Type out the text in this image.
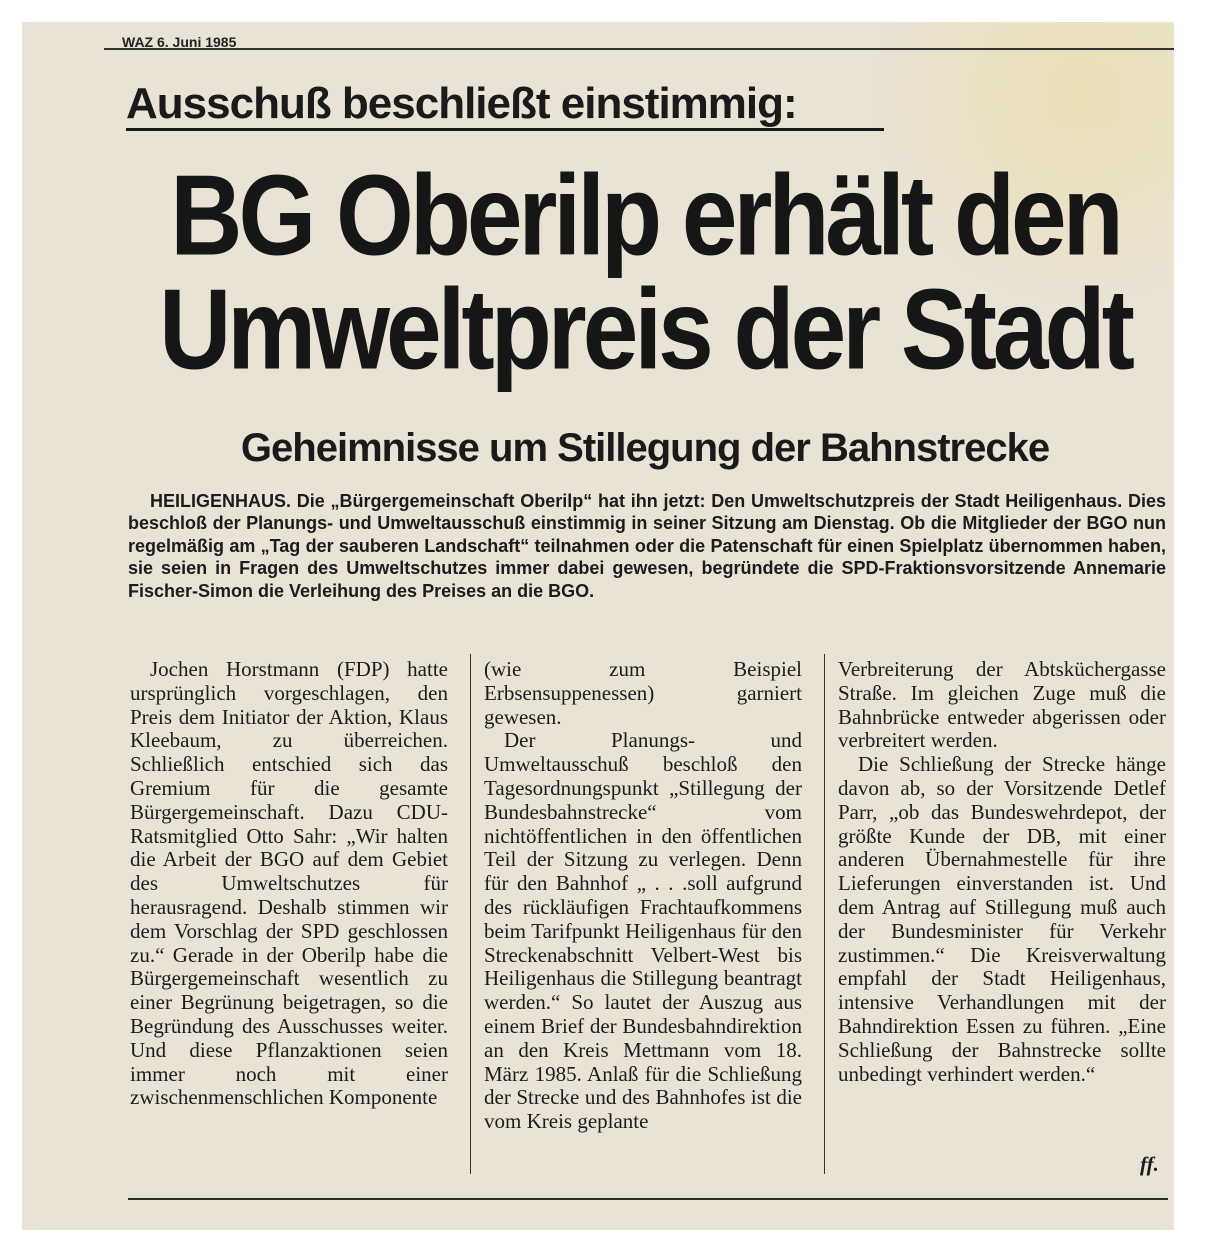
WAZ 6. Juni 1985
Ausschuß beschließt einstimmig:
BG Oberilp erhält den
Umweltpreis der Stadt
Geheimnisse um Stillegung der Bahnstrecke
HEILIGENHAUS. Die „Bürgergemeinschaft Oberilp“ hat ihn jetzt: Den Umweltschutzpreis der Stadt Heiligenhaus. Dies beschloß der Planungs- und Umweltausschuß einstimmig in seiner Sitzung am Dienstag. Ob die Mitglieder der BGO nun regelmäßig am „Tag der sauberen Landschaft“ teilnahmen oder die Patenschaft für einen Spielplatz übernommen haben, sie seien in Fragen des Umweltschutzes immer dabei gewesen, begründete die SPD-Fraktionsvorsitzende Annemarie Fischer-Simon die Verleihung des Preises an die BGO.

Jochen Horstmann (FDP) hatte ursprünglich vorgeschlagen, den Preis dem Initiator der Aktion, Klaus Kleebaum, zu überreichen. Schließlich entschied sich das Gremium für die gesamte Bürgergemeinschaft. Dazu CDU-Ratsmitglied Otto Sahr: „Wir halten die Arbeit der BGO auf dem Gebiet des Umweltschutzes für herausragend. Deshalb stimmen wir dem Vorschlag der SPD geschlossen zu.“ Gerade in der Oberilp habe die Bürgergemeinschaft wesentlich zu einer Begrünung beigetragen, so die Begründung des Ausschusses weiter. Und diese Pflanzaktionen seien immer noch mit einer zwischenmenschlichen Komponente

(wie zum Beispiel Erbsensuppenessen) garniert gewesen.

Der Planungs- und Umweltausschuß beschloß den Tagesordnungspunkt „Stillegung der Bundesbahnstrecke“ vom nichtöffentlichen in den öffentlichen Teil der Sitzung zu verlegen. Denn für den Bahnhof „ . . .soll aufgrund des rückläufigen Frachtaufkommens beim Tarifpunkt Heiligenhaus für den Streckenabschnitt Velbert-West bis Heiligenhaus die Stillegung beantragt werden.“ So lautet der Auszug aus einem Brief der Bundesbahndirektion an den Kreis Mettmann vom 18. März 1985. Anlaß für die Schließung der Strecke und des Bahnhofes ist die vom Kreis geplante

Verbreiterung der Abtsküchergasse Straße. Im gleichen Zuge muß die Bahnbrücke entweder abgerissen oder verbreitert werden.

Die Schließung der Strecke hänge davon ab, so der Vorsitzende Detlef Parr, „ob das Bundeswehrdepot, der größte Kunde der DB, mit einer anderen Übernahmestelle für ihre Lieferungen einverstanden ist. Und dem Antrag auf Stillegung muß auch der Bundesminister für Verkehr zustimmen.“ Die Kreisverwaltung empfahl der Stadt Heiligenhaus, intensive Verhandlungen mit der Bahndirektion Essen zu führen. „Eine Schließung der Bahnstrecke sollte unbedingt verhindert werden.“

ff.
